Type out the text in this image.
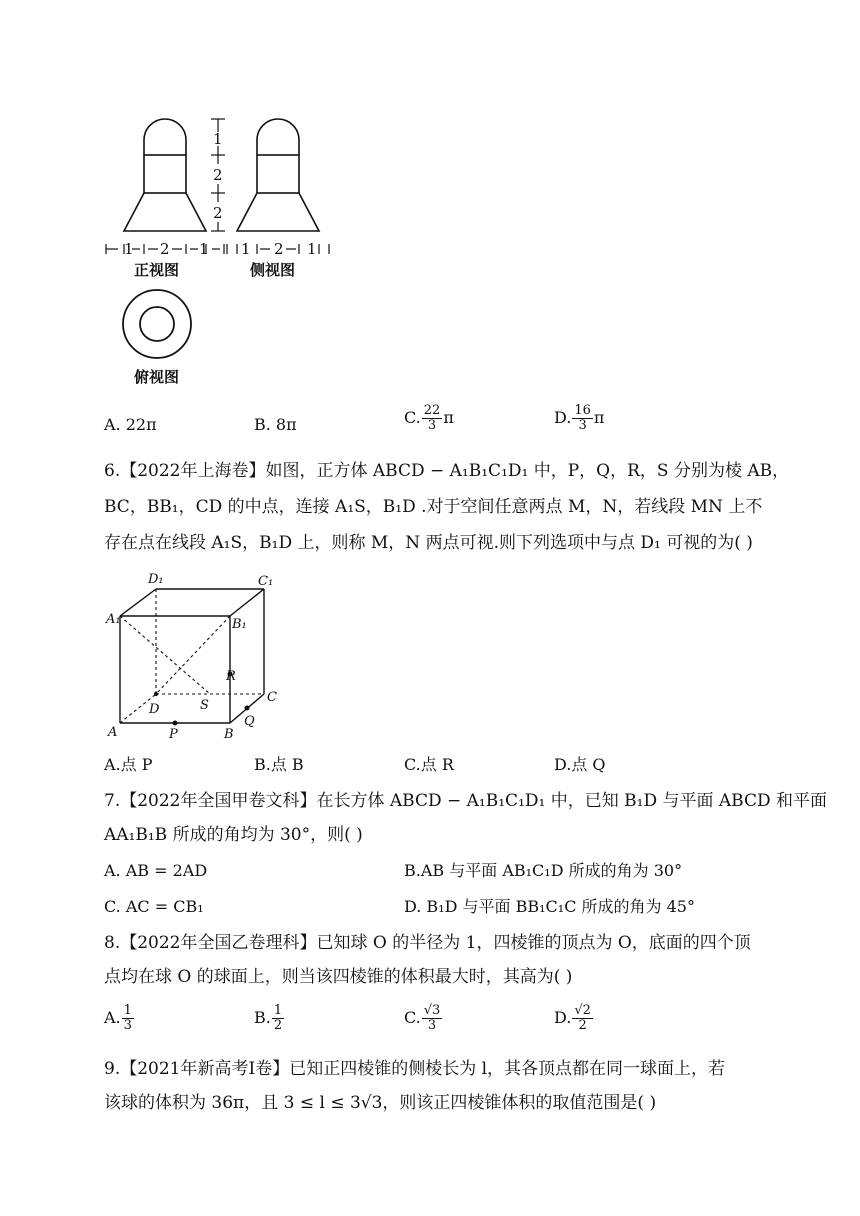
1 2 1
1
2
2
1 2 1
正视图	侧视图
俯视图
A. 22π	B. 8π	C. $\frac{22}{3}$ π	D. $\frac{16}{3}$ π
6.【2022年上海卷】如图，正方体 ABCD − A₁B₁C₁D₁ 中，P，Q，R，S 分别为棱 AB，
BC，BB₁，CD 的中点，连接 A₁S，B₁D .对于空间任意两点 M，N，若线段 MN 上不
存在点在线段 A₁S，B₁D 上，则称 M，N 两点可视.则下列选项中与点 D₁ 可视的为( )
D₁	C₁
A₁	B₁
D
C
A	B
P
Q
R
S
A.点 P	B.点 B	C.点 R	D.点 Q
7.【2022年全国甲卷文科】在长方体 ABCD − A₁B₁C₁D₁ 中，已知 B₁D 与平面 ABCD 和平面
AA₁B₁B 所成的角均为 30°，则( )
A. AB = 2AD	B.AB 与平面 AB₁C₁D 所成的角为 30°
C. AC = CB₁	D. B₁D 与平面 BB₁C₁C 所成的角为 45°
8.【2022年全国乙卷理科】已知球 O 的半径为 1，四棱锥的顶点为 O，底面的四个顶
点均在球 O 的球面上，则当该四棱锥的体积最大时，其高为( )
A. $\frac{1}{3}$	B. $\frac{1}{2}$	C. $\frac{√3}{3}$	D. $\frac{√2}{2}$
9.【2021年新高考Ⅰ卷】已知正四棱锥的侧棱长为 l，其各顶点都在同一球面上，若
该球的体积为 36π，且 3 ≤ l ≤ 3√3，则该正四棱锥体积的取值范围是( )
